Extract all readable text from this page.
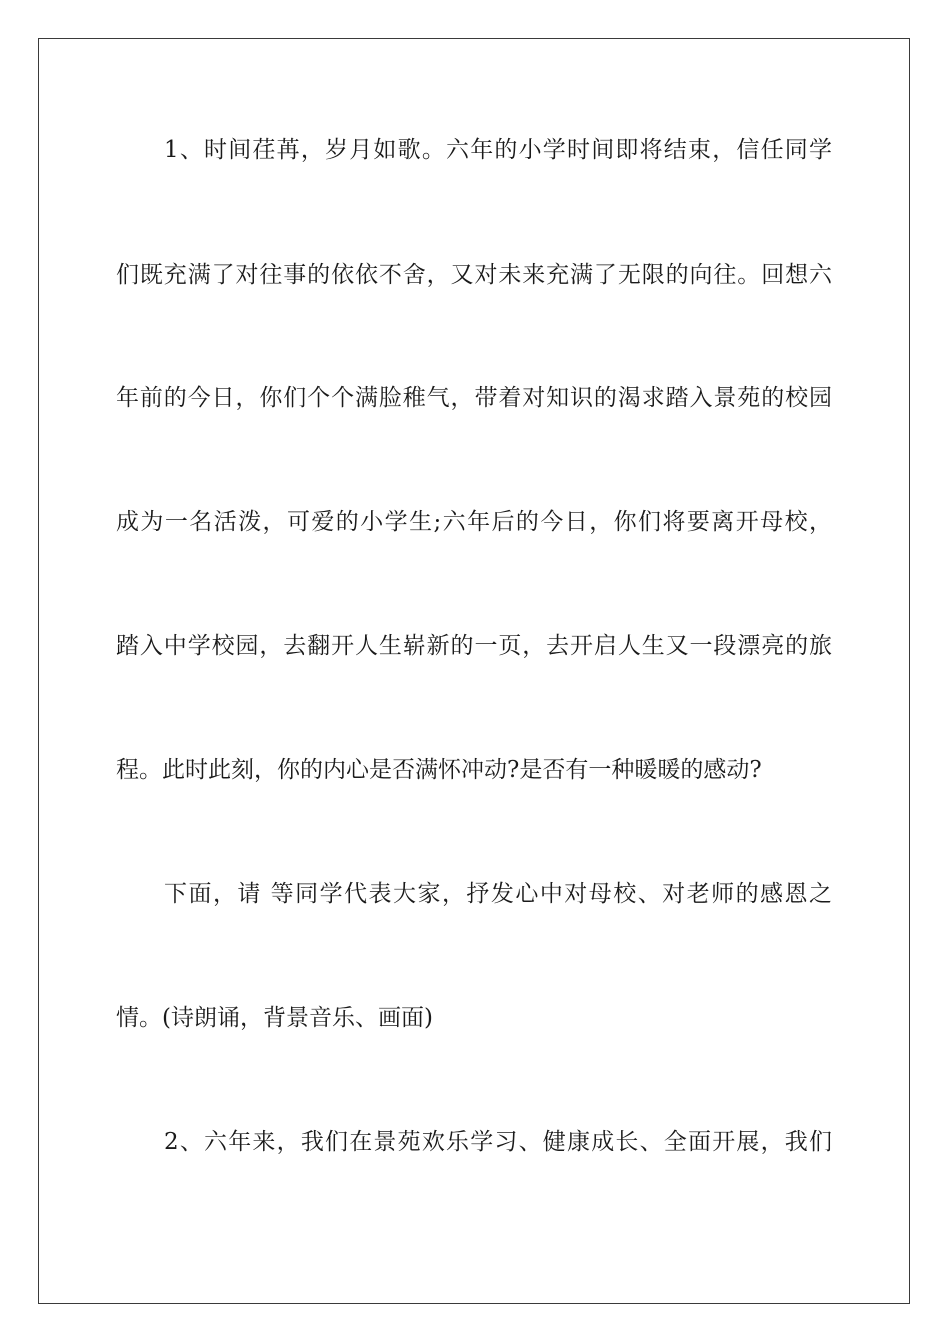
1、时间荏苒，岁月如歌。六年的小学时间即将结束，信任同学
们既充满了对往事的依依不舍，又对未来充满了无限的向往。回想六
年前的今日，你们个个满脸稚气，带着对知识的渴求踏入景苑的校园
成为一名活泼，可爱的小学生;六年后的今日，你们将要离开母校，
踏入中学校园，去翻开人生崭新的一页，去开启人生又一段漂亮的旅
程。此时此刻，你的内心是否满怀冲动?是否有一种暖暖的感动?
下面，请 等同学代表大家，抒发心中对母校、对老师的感恩之
情。(诗朗诵，背景音乐、画面)
2、六年来，我们在景苑欢乐学习、健康成长、全面开展，我们
